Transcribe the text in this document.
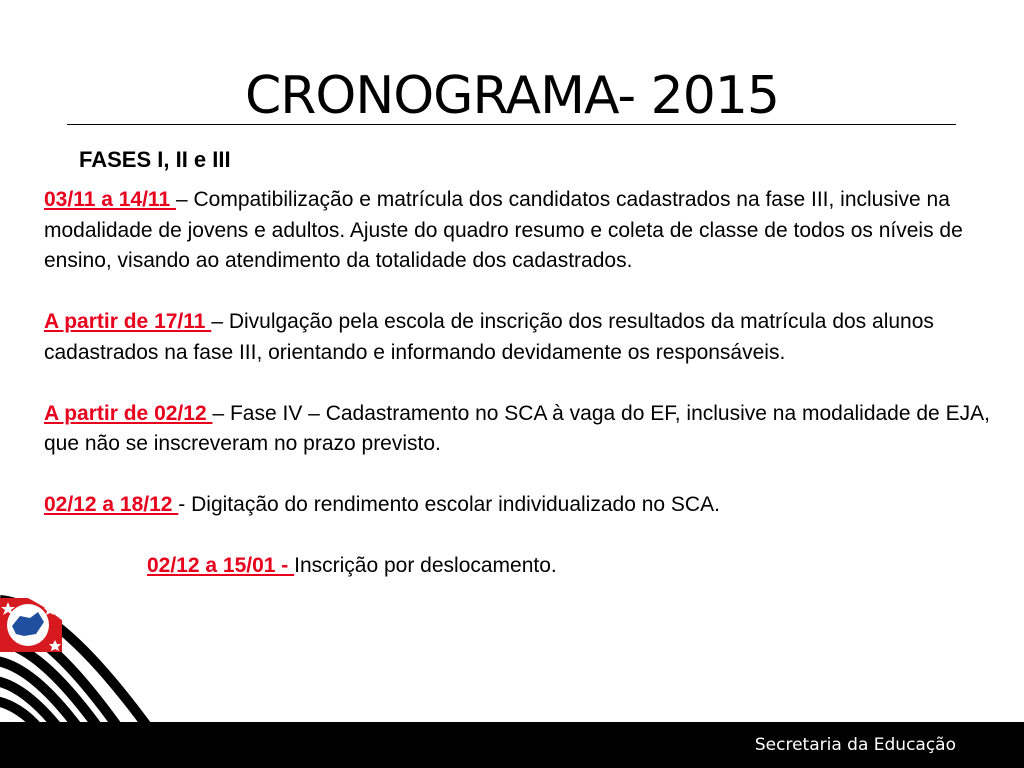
CRONOGRAMA- 2015
FASES I, II e III

03/11 a 14/11 – Compatibilização e matrícula dos candidatos cadastrados na fase III, inclusive na modalidade de jovens e adultos. Ajuste do quadro resumo e coleta de classe de todos os níveis de ensino, visando ao atendimento da totalidade dos cadastrados.

A partir de 17/11 – Divulgação pela escola de inscrição dos resultados da matrícula dos alunos cadastrados na fase III, orientando e informando devidamente os responsáveis.

A partir de 02/12 – Fase IV – Cadastramento no SCA à vaga do EF, inclusive na modalidade de EJA, que não se inscreveram no prazo previsto.

02/12 a 18/12 - Digitação do rendimento escolar individualizado no SCA.

02/12 a 15/01 - Inscrição por deslocamento.

Secretaria da Educação
